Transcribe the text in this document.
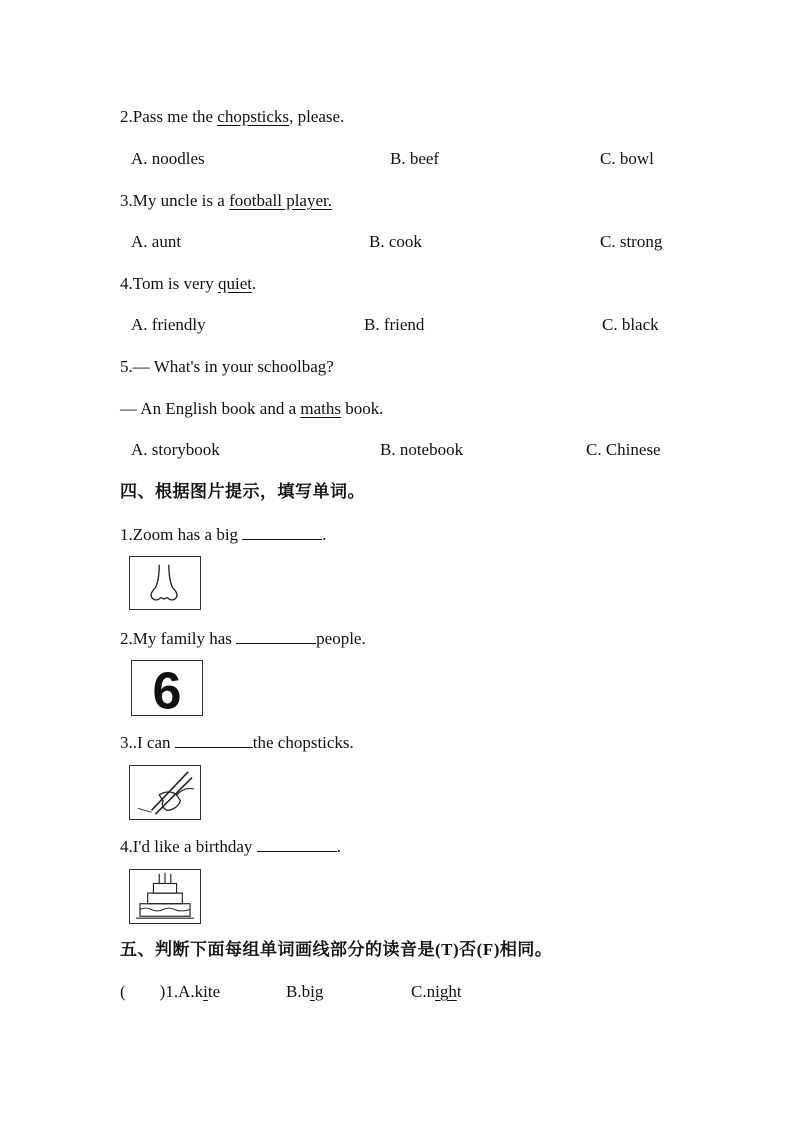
2.Pass me the chopsticks, please.
A. noodles	B. beef	C. bowl
3.My uncle is a football player.
A. aunt	B. cook	C. strong
4.Tom is very quiet.
A. friendly	B. friend	C. black
5.— What's in your schoolbag?
— An English book and a maths book.
A. storybook	B. notebook	C. Chinese
四、根据图片提示，填写单词。
1.Zoom has a big	.
2.My family has	people.
6
3..I can	the chopsticks.
4.I'd like a birthday	.
五、判断下面每组单词画线部分的读音是(T)否(F)相同。
( )1.A.kite	B.big	C.night
